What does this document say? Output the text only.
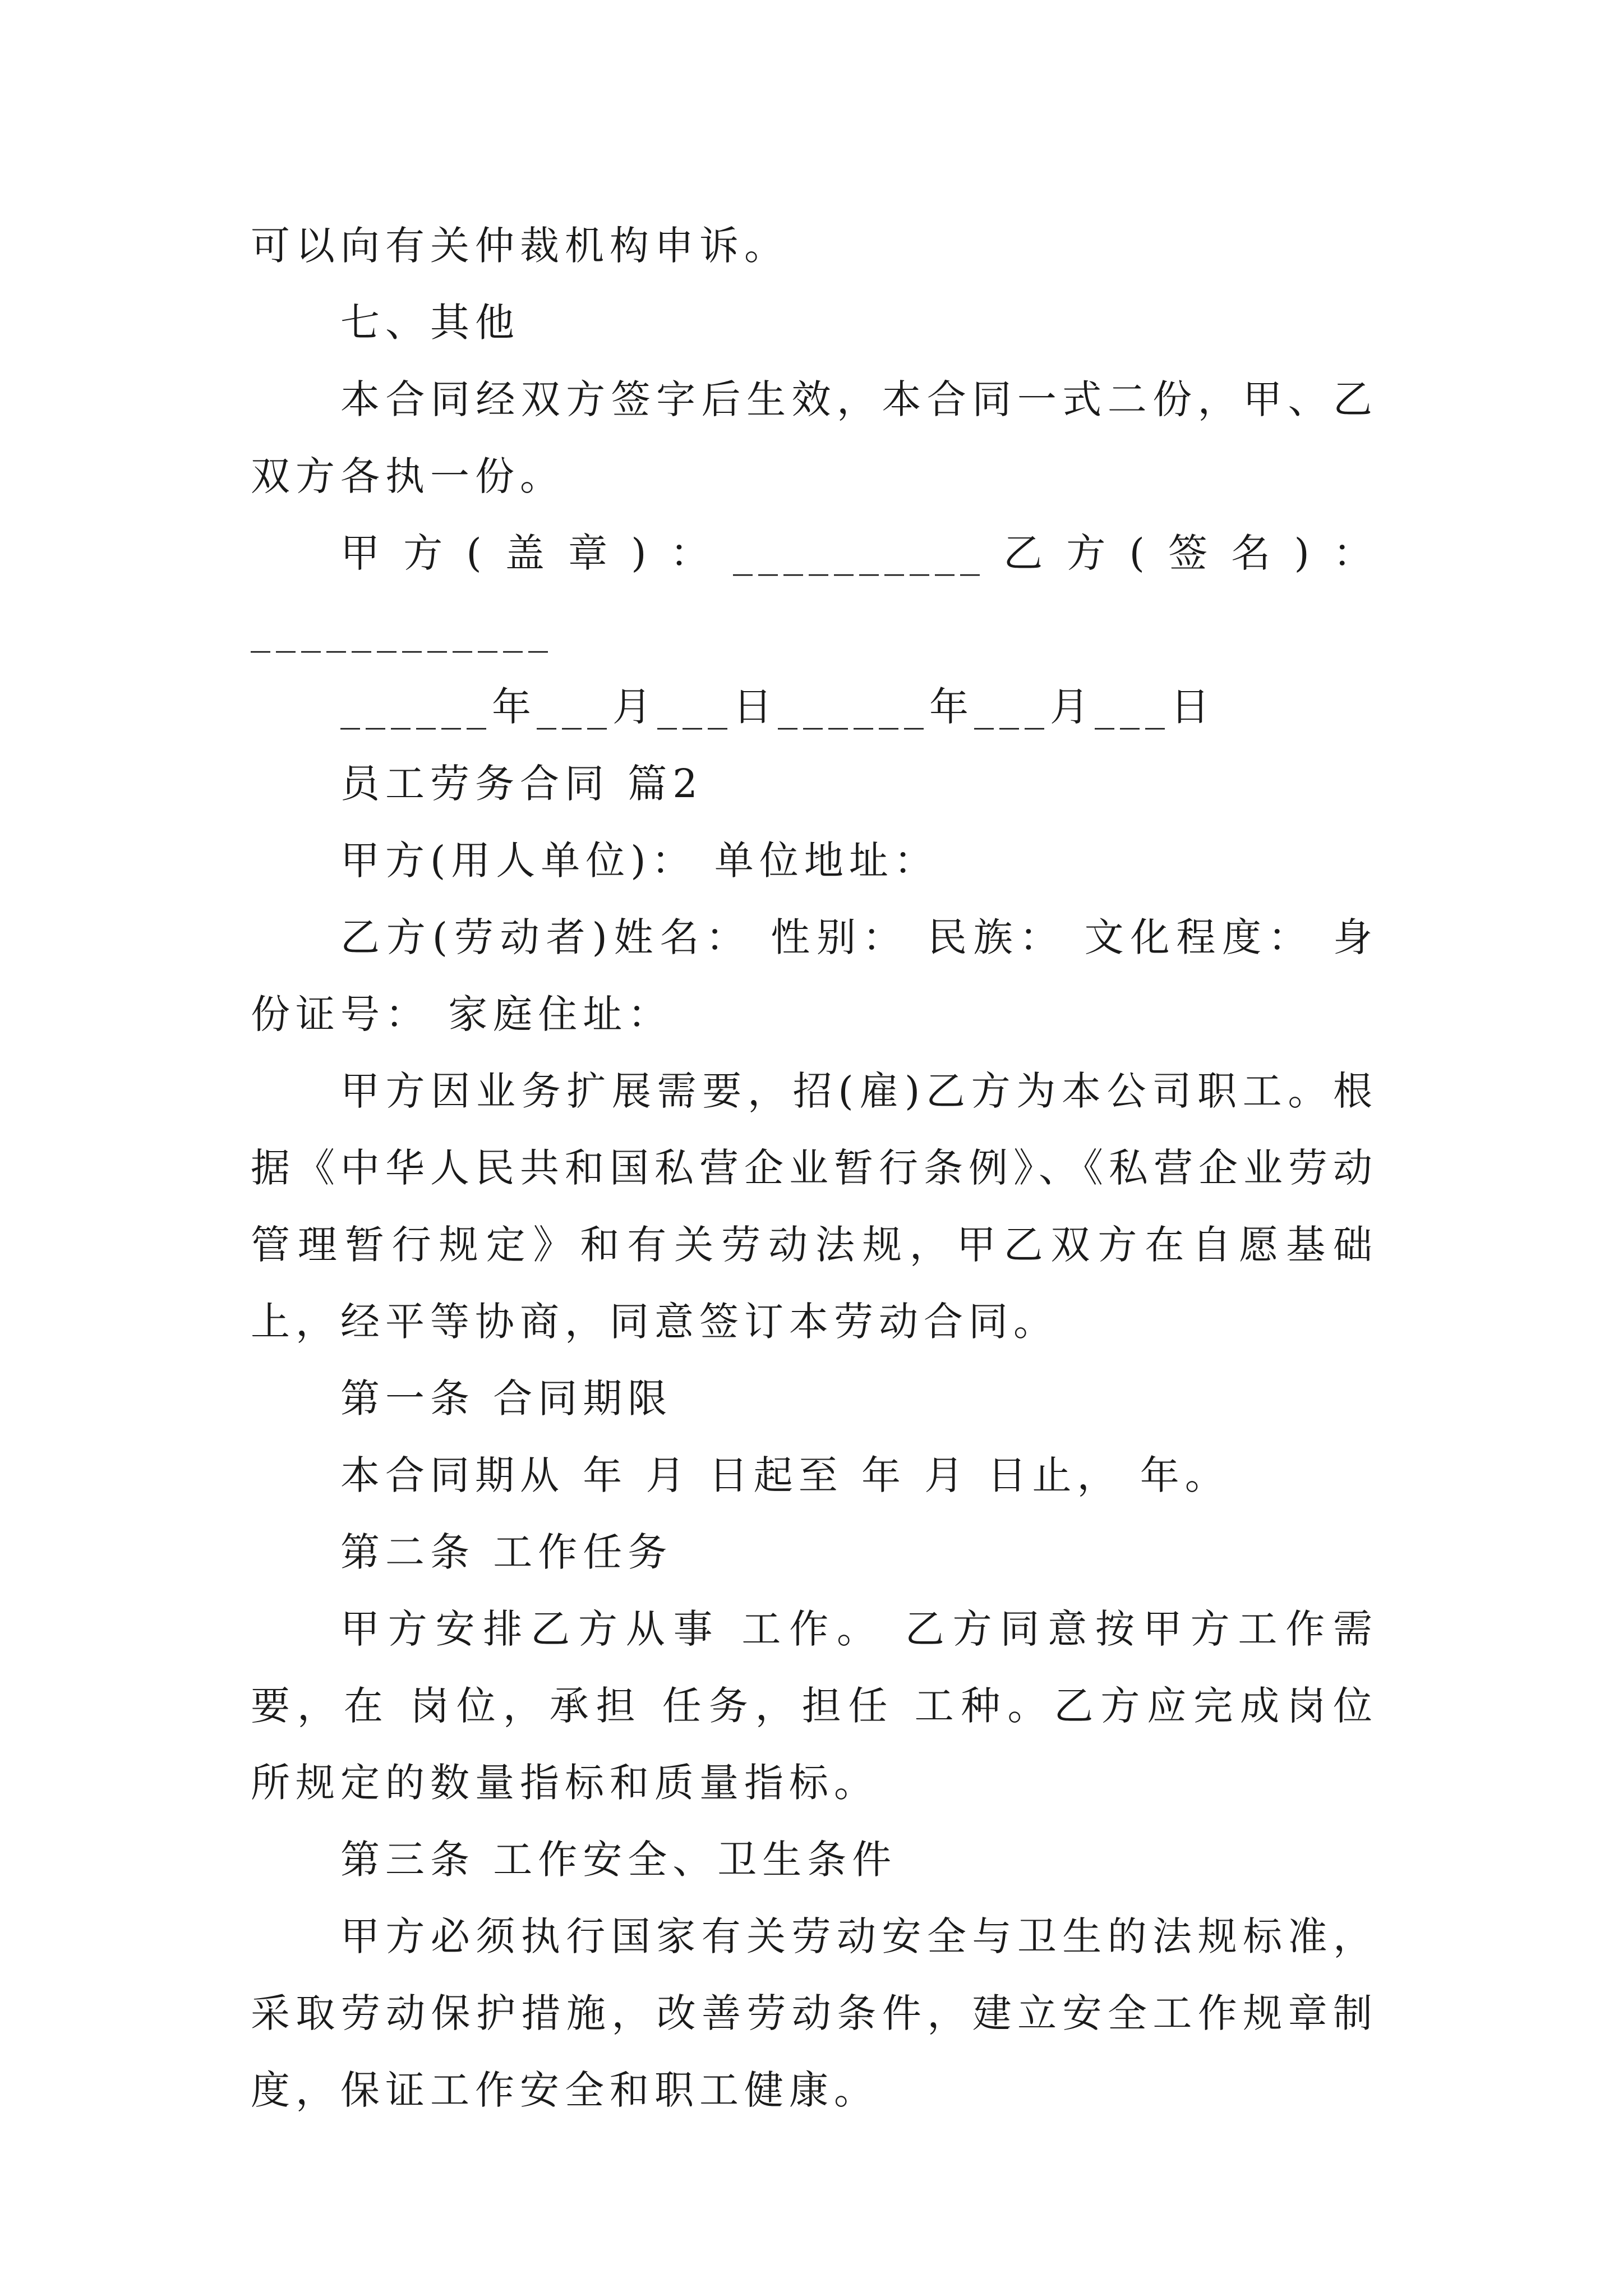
可以向有关仲裁机构申诉。

七、其他

本合同经双方签字后生效，本合同一式二份，甲、乙双方各执一份。

甲方(盖章)：__________乙方(签名)：____________

______年___月___日______年___月___日

员工劳务合同 篇2

甲方(用人单位)： 单位地址：

乙方(劳动者)姓名： 性别： 民族： 文化程度： 身份证号： 家庭住址：

甲方因业务扩展需要，招(雇)乙方为本公司职工。根据《中华人民共和国私营企业暂行条例》、《私营企业劳动管理暂行规定》和有关劳动法规，甲乙双方在自愿基础上，经平等协商，同意签订本劳动合同。

第一条 合同期限

本合同期从 年 月 日起至 年 月 日止， 年。

第二条 工作任务

甲方安排乙方从事 工作。 乙方同意按甲方工作需要，在 岗位，承担 任务，担任 工种。乙方应完成岗位所规定的数量指标和质量指标。

第三条 工作安全、卫生条件

甲方必须执行国家有关劳动安全与卫生的法规标准，采取劳动保护措施，改善劳动条件，建立安全工作规章制度，保证工作安全和职工健康。
